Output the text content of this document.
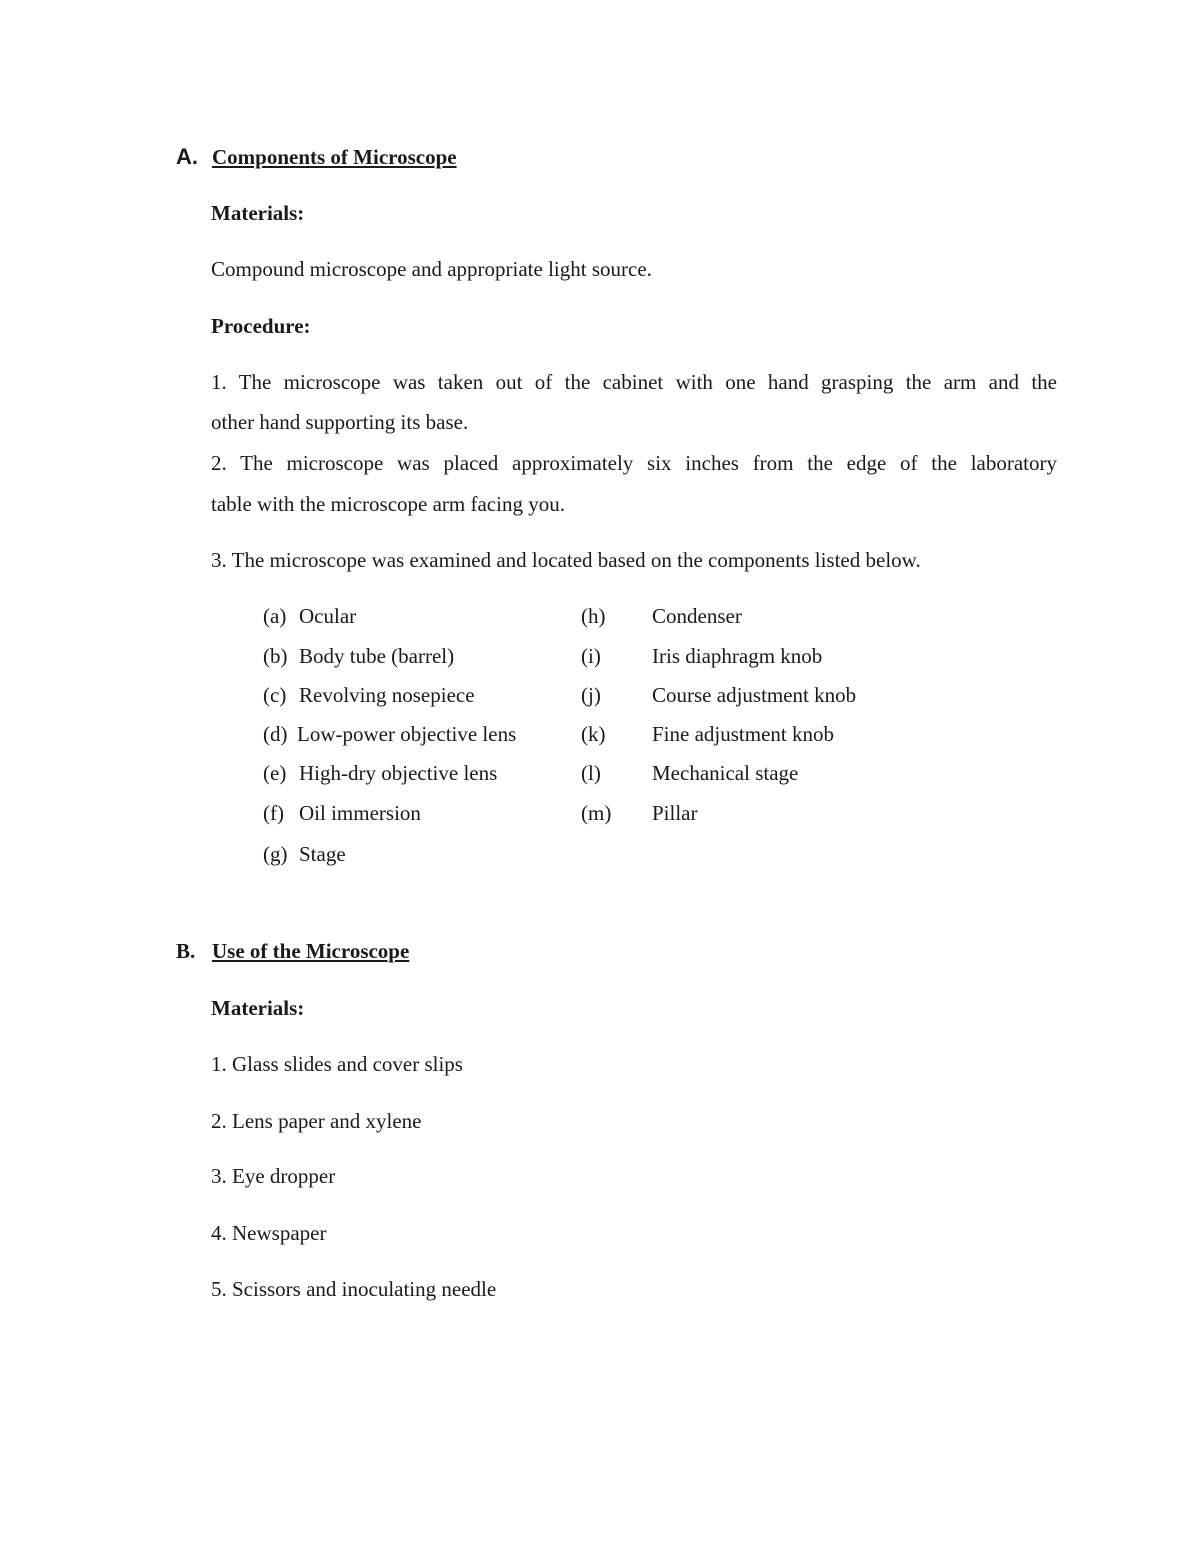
A. Components of Microscope
Materials:
Compound microscope and appropriate light source.
Procedure:
1. The microscope was taken out of the cabinet with one hand grasping the arm and the
other hand supporting its base.
2. The microscope was placed approximately six inches from the edge of the laboratory
table with the microscope arm facing you.
3. The microscope was examined and located based on the components listed below.
(a) Ocular
(b) Body tube (barrel)
(c) Revolving nosepiece
(d) Low-power objective lens
(e) High-dry objective lens
(f) Oil immersion
(g) Stage
(h) Condenser
(i) Iris diaphragm knob
(j) Course adjustment knob
(k) Fine adjustment knob
(l) Mechanical stage
(m) Pillar
B. Use of the Microscope
Materials:
1. Glass slides and cover slips
2. Lens paper and xylene
3. Eye dropper
4. Newspaper
5. Scissors and inoculating needle
